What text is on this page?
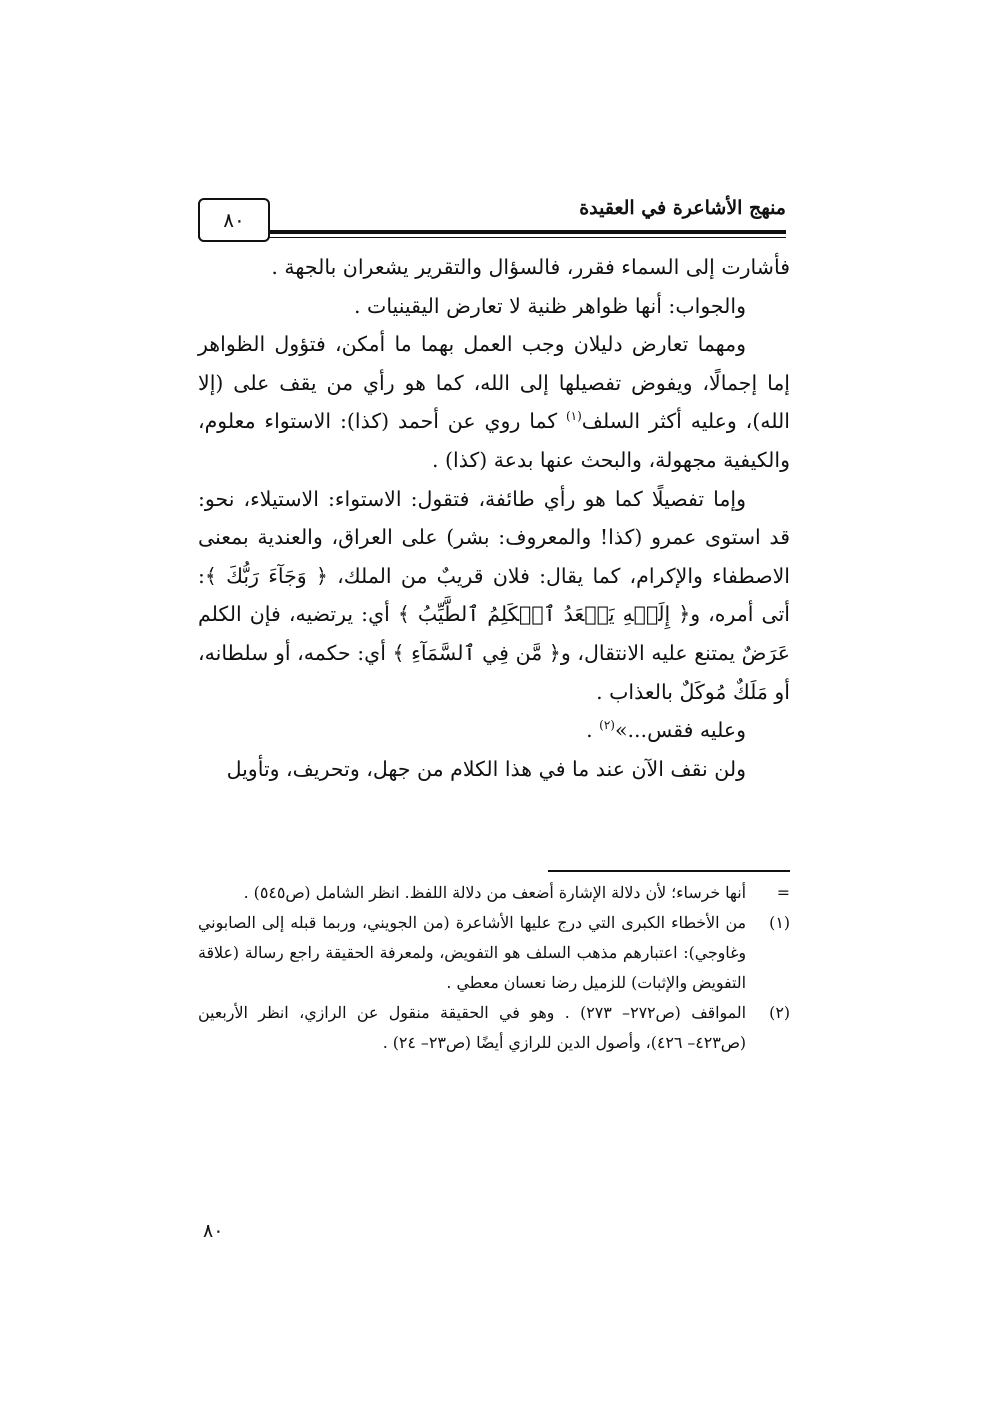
٨٠	منهج الأشاعرة في العقيدة

فأشارت إلى السماء فقرر، فالسؤال والتقرير يشعران بالجهة .

والجواب: أنها ظواهر ظنية لا تعارض اليقينيات .

ومهما تعارض دليلان وجب العمل بهما ما أمكن، فتؤول الظواهر إما إجمالًا، ويفوض تفصيلها إلى الله، كما هو رأي من يقف على (إلا الله)، وعليه أكثر السلف$^{(١)}$ كما روي عن أحمد (كذا): الاستواء معلوم، والكيفية مجهولة، والبحث عنها بدعة (كذا) .

وإما تفصيلًا كما هو رأي طائفة، فتقول: الاستواء: الاستيلاء، نحو: قد استوى عمرو (كذا! والمعروف: بشر) على العراق، والعندية بمعنى الاصطفاء والإكرام، كما يقال: فلان قريبٌ من الملك، ﴿ وَجَآءَ رَبُّكَ ﴾: أتى أمره، و﴿ إِلَيۡهِ يَصۡعَدُ ٱلۡكَلِمُ ٱلطَّيِّبُ ﴾ أي: يرتضيه، فإن الكلم عَرَضٌ يمتنع عليه الانتقال، و﴿ مَّن فِي ٱلسَّمَآءِ ﴾ أي: حكمه، أو سلطانه، أو مَلَكٌ مُوكَلٌ بالعذاب .

وعليه فقس...»$^{(٢)}$ .

ولن نقف الآن عند ما في هذا الكلام من جهل، وتحريف، وتأويل

=
أنها خرساء؛ لأن دلالة الإشارة أضعف من دلالة اللفظ. انظر الشامل (ص٥٤٥) .
(١)
من الأخطاء الكبرى التي درج عليها الأشاعرة (من الجويني، وربما قبله إلى الصابوني وغاوجي): اعتبارهم مذهب السلف هو التفويض، ولمعرفة الحقيقة راجع رسالة (علاقة التفويض والإثبات) للزميل رضا نعسان معطي .
(٢)
المواقف (ص٢٧٢– ٢٧٣) . وهو في الحقيقة منقول عن الرازي، انظر الأربعين (ص٤٢٣– ٤٢٦)، وأصول الدين للرازي أيضًا (ص٢٣– ٢٤) .
٨٠
